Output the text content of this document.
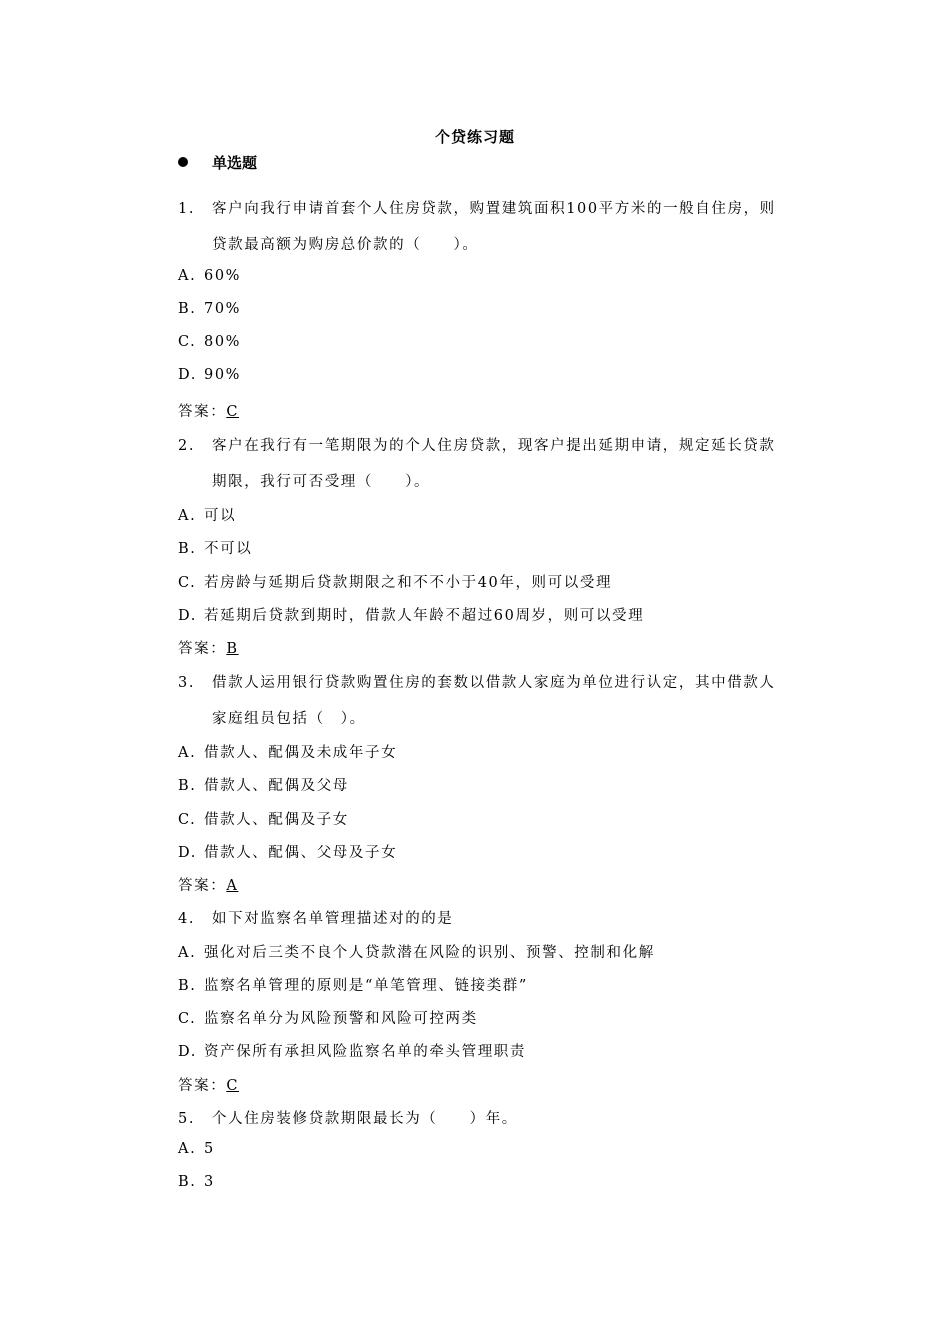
个贷练习题
单选题
1. 客户向我行申请首套个人住房贷款，购置建筑面积100平方米的一般自住房，则
贷款最高额为购房总价款的（　　）。
A. 60%
B. 70%
C. 80%
D. 90%
答案：C
2. 客户在我行有一笔期限为的个人住房贷款，现客户提出延期申请，规定延长贷款
期限，我行可否受理（　　）。
A. 可以
B. 不可以
C. 若房龄与延期后贷款期限之和不不小于40年，则可以受理
D. 若延期后贷款到期时，借款人年龄不超过60周岁，则可以受理
答案：B
3. 借款人运用银行贷款购置住房的套数以借款人家庭为单位进行认定，其中借款人
家庭组员包括（　）。
A. 借款人、配偶及未成年子女
B. 借款人、配偶及父母
C. 借款人、配偶及子女
D. 借款人、配偶、父母及子女
答案：A
4. 如下对监察名单管理描述对的的是
A. 强化对后三类不良个人贷款潜在风险的识别、预警、控制和化解
B. 监察名单管理的原则是“单笔管理、链接类群”
C. 监察名单分为风险预警和风险可控两类
D. 资产保所有承担风险监察名单的牵头管理职责
答案：C
5. 个人住房装修贷款期限最长为（　　）年。
A. 5
B. 3
